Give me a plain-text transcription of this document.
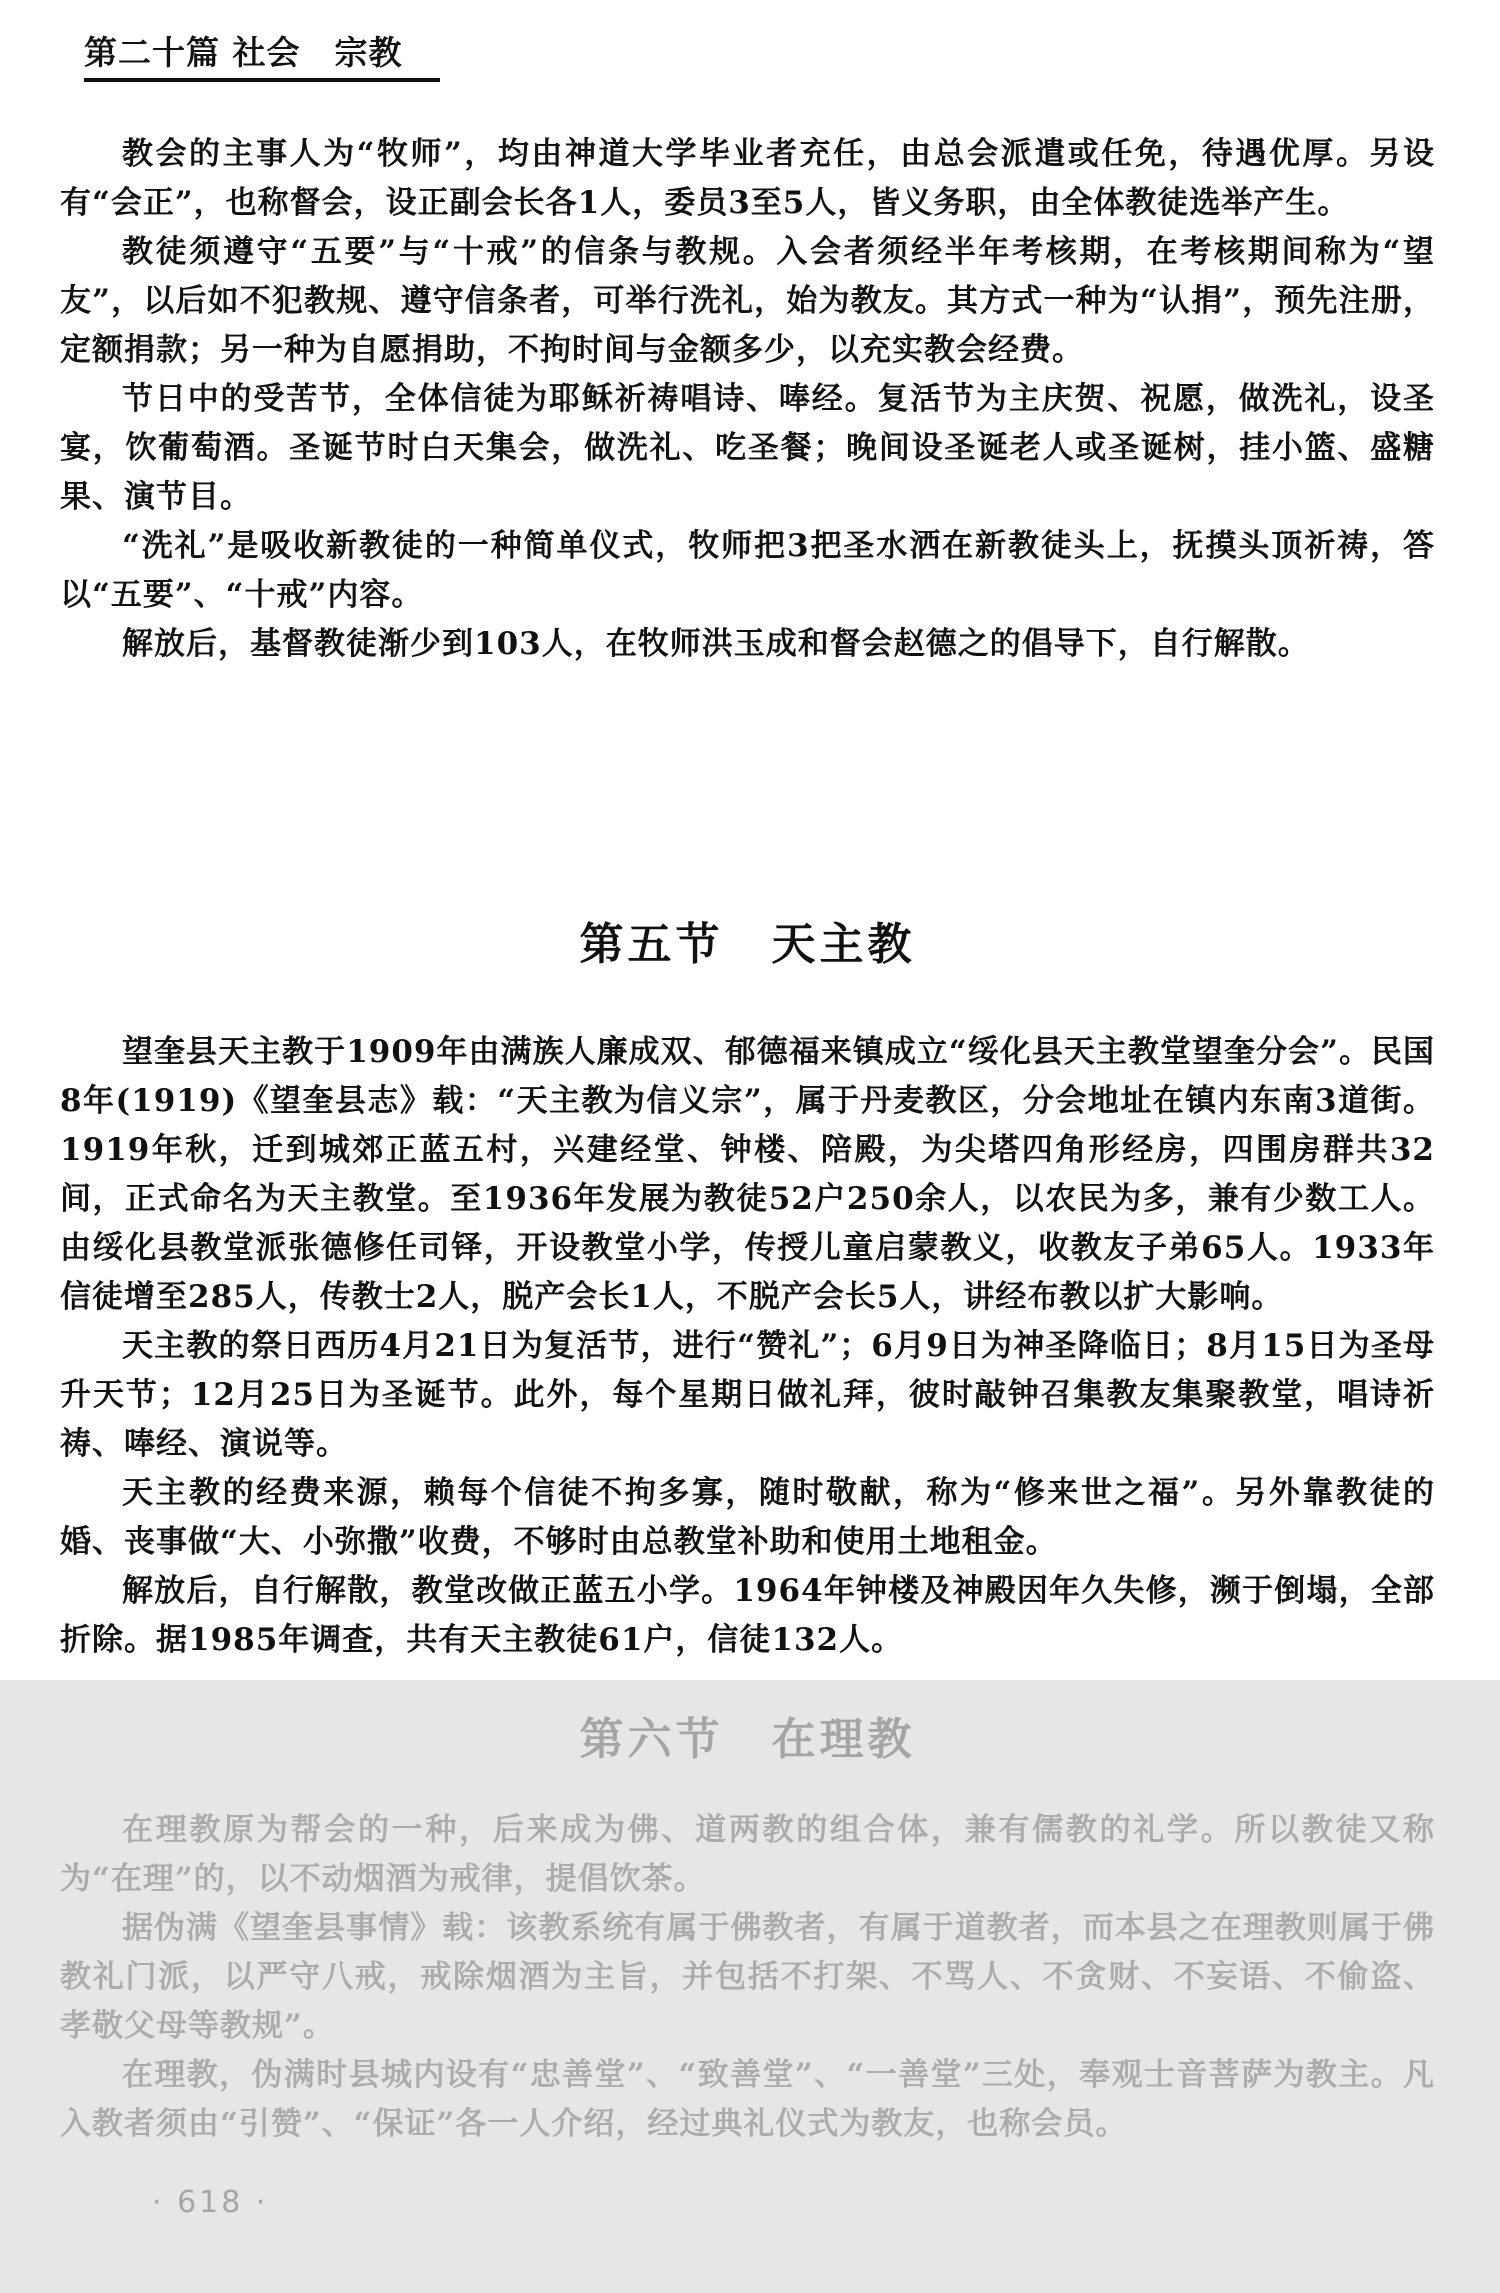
第二十篇 社会　宗教

教会的主事人为“牧师”，均由神道大学毕业者充任，由总会派遣或任免，待遇优厚。另设有“会正”，也称督会，设正副会长各1人，委员3至5人，皆义务职，由全体教徒选举产生。

教徒须遵守“五要”与“十戒”的信条与教规。入会者须经半年考核期，在考核期间称为“望友”，以后如不犯教规、遵守信条者，可举行洗礼，始为教友。其方式一种为“认捐”，预先注册，定额捐款；另一种为自愿捐助，不拘时间与金额多少，以充实教会经费。

节日中的受苦节，全体信徒为耶稣祈祷唱诗、唪经。复活节为主庆贺、祝愿，做洗礼，设圣宴，饮葡萄酒。圣诞节时白天集会，做洗礼、吃圣餐；晚间设圣诞老人或圣诞树，挂小篮、盛糖果、演节目。

“洗礼”是吸收新教徒的一种简单仪式，牧师把3把圣水洒在新教徒头上，抚摸头顶祈祷，答以“五要”、“十戒”内容。

解放后，基督教徒渐少到103人，在牧师洪玉成和督会赵德之的倡导下，自行解散。

第五节　天主教

望奎县天主教于1909年由满族人廉成双、郁德福来镇成立“绥化县天主教堂望奎分会”。民国8年(1919)《望奎县志》载：“天主教为信义宗”，属于丹麦教区，分会地址在镇内东南3道街。1919年秋，迁到城郊正蓝五村，兴建经堂、钟楼、陪殿，为尖塔四角形经房，四围房群共32间，正式命名为天主教堂。至1936年发展为教徒52户250余人，以农民为多，兼有少数工人。由绥化县教堂派张德修任司铎，开设教堂小学，传授儿童启蒙教义，收教友子弟65人。1933年信徒增至285人，传教士2人，脱产会长1人，不脱产会长5人，讲经布教以扩大影响。

天主教的祭日西历4月21日为复活节，进行“赞礼”；6月9日为神圣降临日；8月15日为圣母升天节；12月25日为圣诞节。此外，每个星期日做礼拜，彼时敲钟召集教友集聚教堂，唱诗祈祷、唪经、演说等。

天主教的经费来源，赖每个信徒不拘多寡，随时敬献，称为“修来世之福”。另外靠教徒的婚、丧事做“大、小弥撒”收费，不够时由总教堂补助和使用土地租金。

解放后，自行解散，教堂改做正蓝五小学。1964年钟楼及神殿因年久失修，濒于倒塌，全部折除。据1985年调查，共有天主教徒61户，信徒132人。

第六节　在理教

在理教原为帮会的一种，后来成为佛、道两教的组合体，兼有儒教的礼学。所以教徒又称为“在理”的，以不动烟酒为戒律，提倡饮茶。

据伪满《望奎县事情》载：该教系统有属于佛教者，有属于道教者，而本县之在理教则属于佛教礼门派，以严守八戒，戒除烟酒为主旨，并包括不打架、不骂人、不贪财、不妄语、不偷盗、孝敬父母等教规”。

在理教，伪满时县城内设有“忠善堂”、“致善堂”、“一善堂”三处，奉观士音菩萨为教主。凡入教者须由“引赞”、“保证”各一人介绍，经过典礼仪式为教友，也称会员。

· 618 ·
